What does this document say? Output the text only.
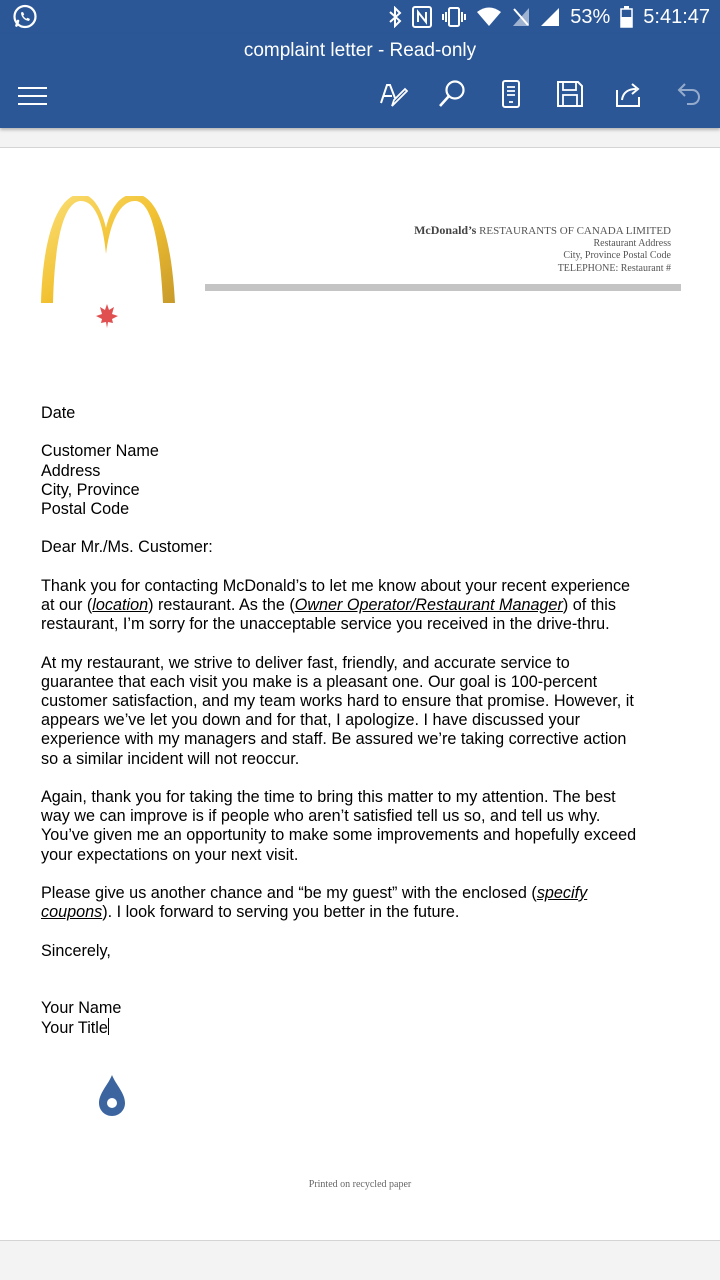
53% 5:41:47
complaint letter - Read-only
McDonald’s RESTAURANTS OF CANADA LIMITED
Restaurant Address
City, Province Postal Code
TELEPHONE: Restaurant #

Date

Customer Name
Address
City, Province
Postal Code

Dear Mr./Ms. Customer:

Thank you for contacting McDonald’s to let me know about your recent experience at our (location) restaurant. As the (Owner Operator/Restaurant Manager) of this restaurant, I’m sorry for the unacceptable service you received in the drive-thru.

At my restaurant, we strive to deliver fast, friendly, and accurate service to guarantee that each visit you make is a pleasant one. Our goal is 100-percent customer satisfaction, and my team works hard to ensure that promise. However, it appears we’ve let you down and for that, I apologize. I have discussed your experience with my managers and staff. Be assured we’re taking corrective action so a similar incident will not reoccur.

Again, thank you for taking the time to bring this matter to my attention. The best way we can improve is if people who aren’t satisfied tell us so, and tell us why. You’ve given me an opportunity to make some improvements and hopefully exceed your expectations on your next visit.

Please give us another chance and “be my guest” with the enclosed (specify coupons). I look forward to serving you better in the future.

Sincerely,

Your Name
Your Title
Printed on recycled paper
